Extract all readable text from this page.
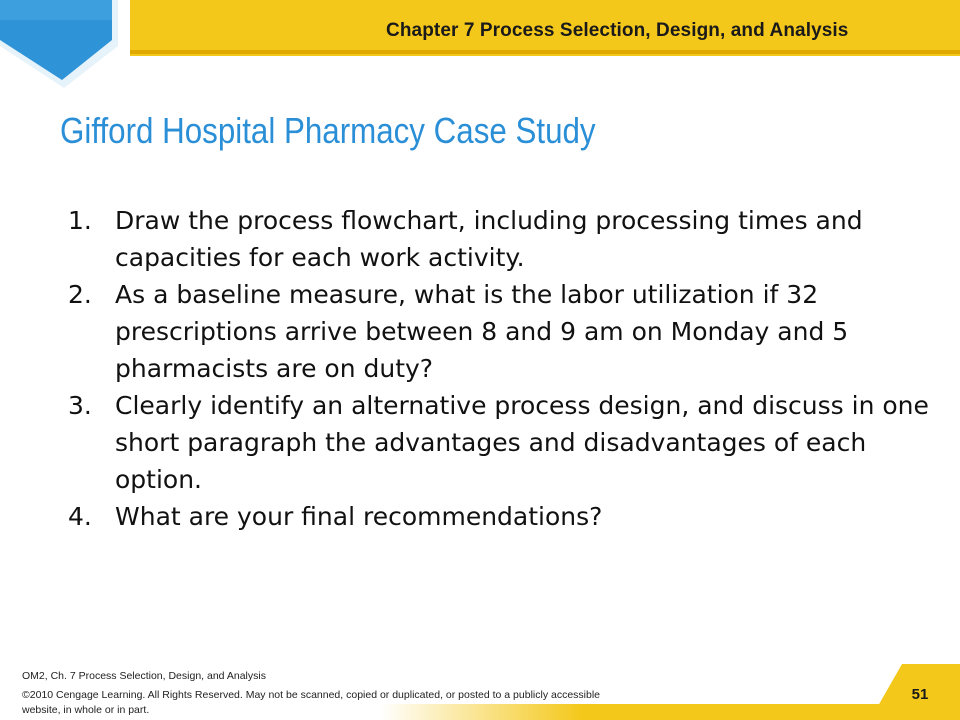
Chapter 7 Process Selection, Design, and Analysis
Gifford Hospital Pharmacy Case Study
1. Draw the process flowchart, including processing times and capacities for each work activity.
2. As a baseline measure, what is the labor utilization if 32 prescriptions arrive between 8 and 9 am on Monday and 5 pharmacists are on duty?
3. Clearly identify an alternative process design, and discuss in one short paragraph the advantages and disadvantages of each option.
4. What are your final recommendations?
OM2, Ch. 7 Process Selection, Design, and Analysis
©2010 Cengage Learning. All Rights Reserved. May not be scanned, copied or duplicated, or posted to a publicly accessible website, in whole or in part.
51
